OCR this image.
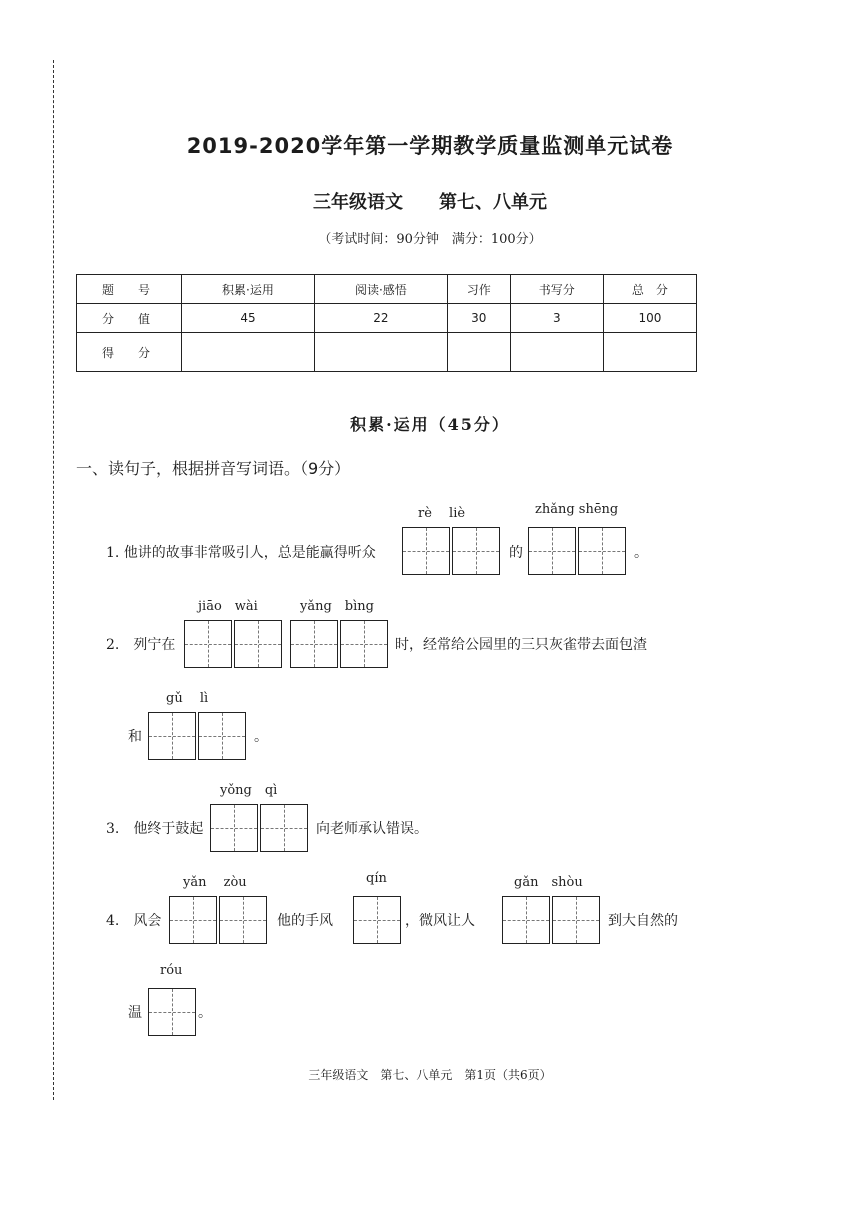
2019-2020学年第一学期教学质量监测单元试卷
三年级语文 第七、八单元
（考试时间：90分钟　满分：100分）
题　号	积累·运用	阅读·感悟	习作	书写分	总　分
分　值	45	22	30	3	100
得　分					
积累·运用（45分）
一、读句子，根据拼音写词语。（9分）
rè　 liè	zhǎng shēng
1. 他讲的故事非常吸引人，总是能赢得听众	的	。
jiāo　wài	yǎng　bìng
2.　列宁在	时，经常给公园里的三只灰雀带去面包渣
gǔ　 lì
和	。
yǒng　qì
3.　他终于鼓起	向老师承认错误。
yǎn　 zòu	qín	gǎn　shòu
4.　风会	他的手风	，微风让人	到大自然的
róu
温	。
三年级语文　第七、八单元　第1页（共6页）
